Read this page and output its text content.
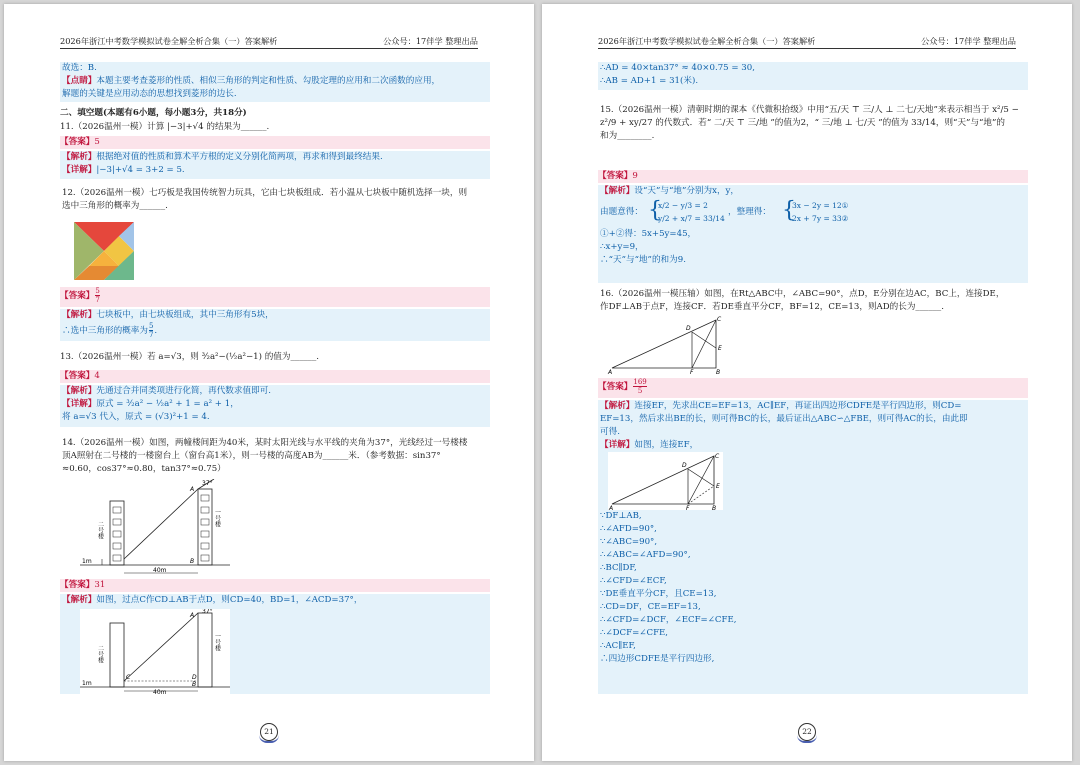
2026年浙江中考数学模拟试卷全解全析合集（一）答案解析	公众号：17伴学 整理出品
故选：B.
【点睛】本题主要考查菱形的性质、相似三角形的判定和性质、勾股定理的应用和二次函数的应用，
解题的关键是应用动态的思想找到菱形的边长.
二、填空题(本题有6小题，每小题3分，共18分)
11.（2026温州一模）计算 |−3|+√4 的结果为______.
【答案】5
【解析】根据绝对值的性质和算术平方根的定义分别化简两项，再求和得到最终结果.
【详解】|−3|+√4 = 3+2 = 5.
12.（2026温州一模）七巧板是我国传统智力玩具，它由七块板组成．若小温从七块板中随机选择一块，则
选中三角形的概率为______.
【答案】 $\frac{5}{7}$
【解析】七块板中，由七块板组成，其中三角形有5块，
∴选中三角形的概率为 $\frac{5}{7}$ .
13.（2026温州一模）若 a=√3，则 ³⁄₂a²−(½a²−1) 的值为______.
【答案】4
【解析】先通过合并同类项进行化简，再代数求值即可.
【详解】原式 = ³⁄₂a² − ½a² + 1 = a² + 1，
将 a=√3 代入，原式 = (√3)²+1 = 4.
14.（2026温州一模）如图，两幢楼间距为40米，某时太阳光线与水平线的夹角为37°，光线经过一号楼楼
顶A照射在二号楼的一楼窗台上（窗台高1米），则一号楼的高度AB为______米．（参考数据：sin37°
≈0.60，cos37°≈0.80，tan37°≈0.75）
二号楼
一号楼
1m
40m
A
B
37°
【答案】31
【解析】如图，过点C作CD⊥AB于点D，则CD=40，BD=1，∠ACD=37°，
二号楼
一号楼
1m
40m
A
B
C	D
37°
21
2026年浙江中考数学模拟试卷全解全析合集（一）答案解析	公众号：17伴学 整理出品
∴AD = 40×tan37° ≈ 40×0.75 = 30,
∴AB = AD+1 = 31(米).
15.（2026温州一模）清朝时期的课本《代微积拾级》中用“五/天 ⊤ 三/人 ⊥ 二七/天地”来表示相当于 x²/5 −
z²/9 + xy/27 的代数式．若“ 二/天 ⊤ 三/地 ”的值为2，“ 三/地 ⊥ 七/天 ”的值为 33/14，则“天”与“地”的
和为________.
【答案】9
【解析】设“天”与“地”分别为x，y，
由题意得： {
x/2 − y/3 = 2
y/2 + x/7 = 33/14
，整理得： {
3x − 2y = 12①
2x + 7y = 33②
①+②得：5x+5y=45，
∴x+y=9，
∴“天”与“地”的和为9.
16.（2026温州一模压轴）如图，在Rt△ABC中，∠ABC=90°，点D，E分别在边AC，BC上，连接DE，
作DF⊥AB于点F，连接CF．若DE垂直平分CF，BF=12，CE=13，则AD的长为______.
A	B
C
D
E
F
【答案】 $\frac{169}{5}$
【解析】连接EF，先求出CE=EF=13，AC∥EF，再证出四边形CDFE是平行四边形，则CD=
EF=13，然后求出BE的长，则可得BC的长，最后证出△ABC∽△FBE，则可得AC的长，由此即
可得.
【详解】如图，连接EF，
A	B
C
D
E
F
∵DF⊥AB,
∴∠AFD=90°,
∵∠ABC=90°,
∴∠ABC=∠AFD=90°,
∴BC∥DF,
∴∠CFD=∠ECF,
∵DE垂直平分CF，且CE=13,
∴CD=DF，CE=EF=13,
∴∠CFD=∠DCF，∠ECF=∠CFE,
∴∠DCF=∠CFE,
∴AC∥EF,
∴四边形CDFE是平行四边形,
22
